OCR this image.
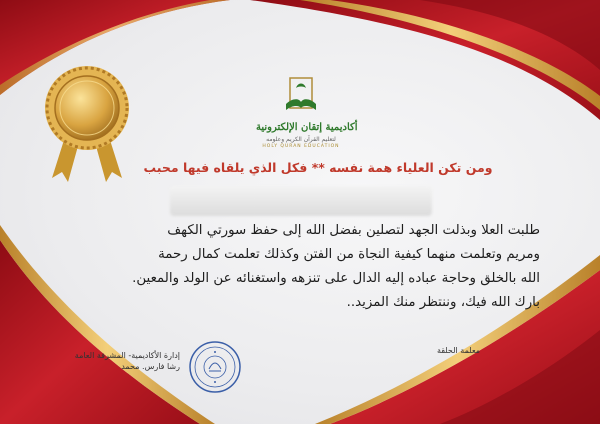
أكاديمية إتقان الإلكترونية
لتعليم القرآن الكريم وعلومه
HOLY QURAN EDUCATION
ومن تكن العلياء همة نفسه ** فكل الذي يلقاه فيها محبب

طلبت العلا وبذلت الجهد لتصلين بفضل الله إلى حفظ سورتي الكهف

ومريم وتعلمت منهما كيفية النجاة من الفتن وكذلك تعلمت كمال رحمة

الله بالخلق وحاجة عباده إليه الدال على تنزهه واستغنائه عن الولد والمعين.

بارك الله فيك، وننتظر منك المزيد..

معلمة الحلقة
إدارة الأكاديمية- المشرفة العامة
رشا فارس. محمد
